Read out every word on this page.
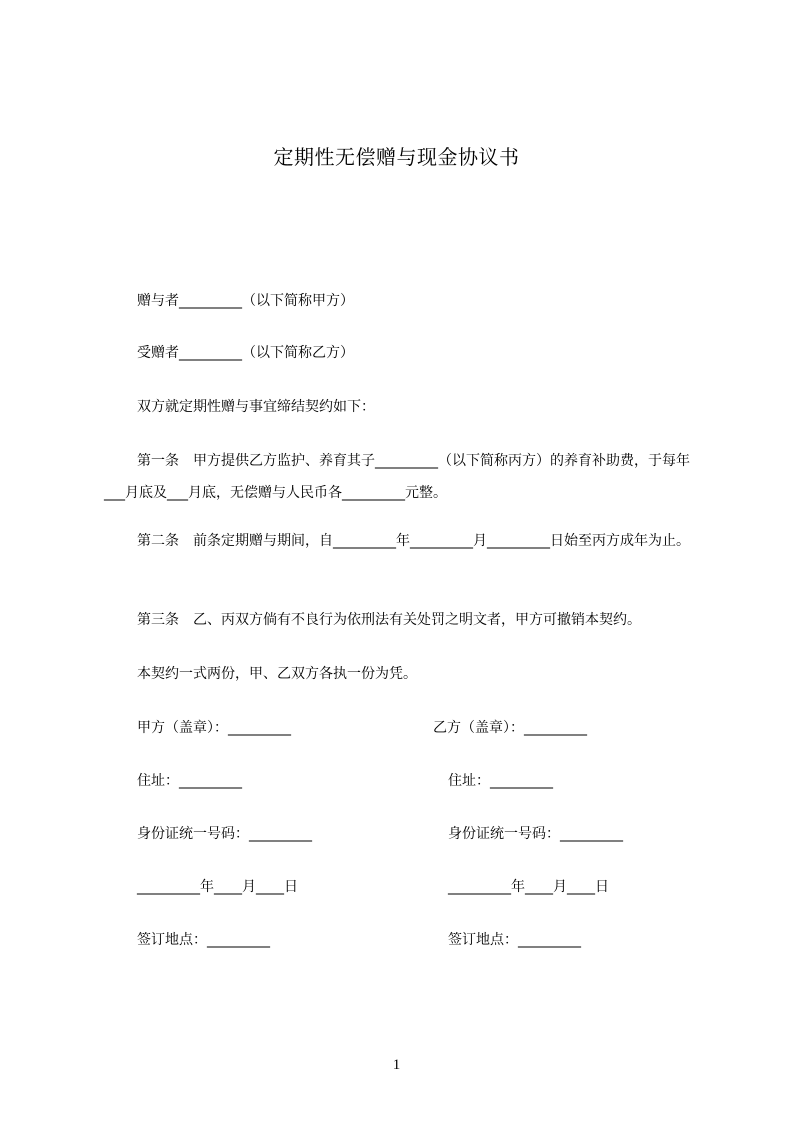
定期性无偿赠与现金协议书
赠与者_________（以下简称甲方）
受赠者_________（以下简称乙方）
双方就定期性赠与事宜缔结契约如下：
第一条　甲方提供乙方监护、养育其子_________（以下简称丙方）的养育补助费，于每年___月底及___月底，无偿赠与人民币各_________元整。
第二条　前条定期赠与期间，自_________年_________月_________日始至丙方成年为止。
第三条　乙、丙双方倘有不良行为依刑法有关处罚之明文者，甲方可撤销本契约。
本契约一式两份，甲、乙双方各执一份为凭。
甲方（盖章）：_________	乙方（盖章）：_________
住址：_________	住址：_________
身份证统一号码：_________	身份证统一号码：_________
_________年____月____日	_________年____月____日
签订地点：_________	签订地点：_________
1
